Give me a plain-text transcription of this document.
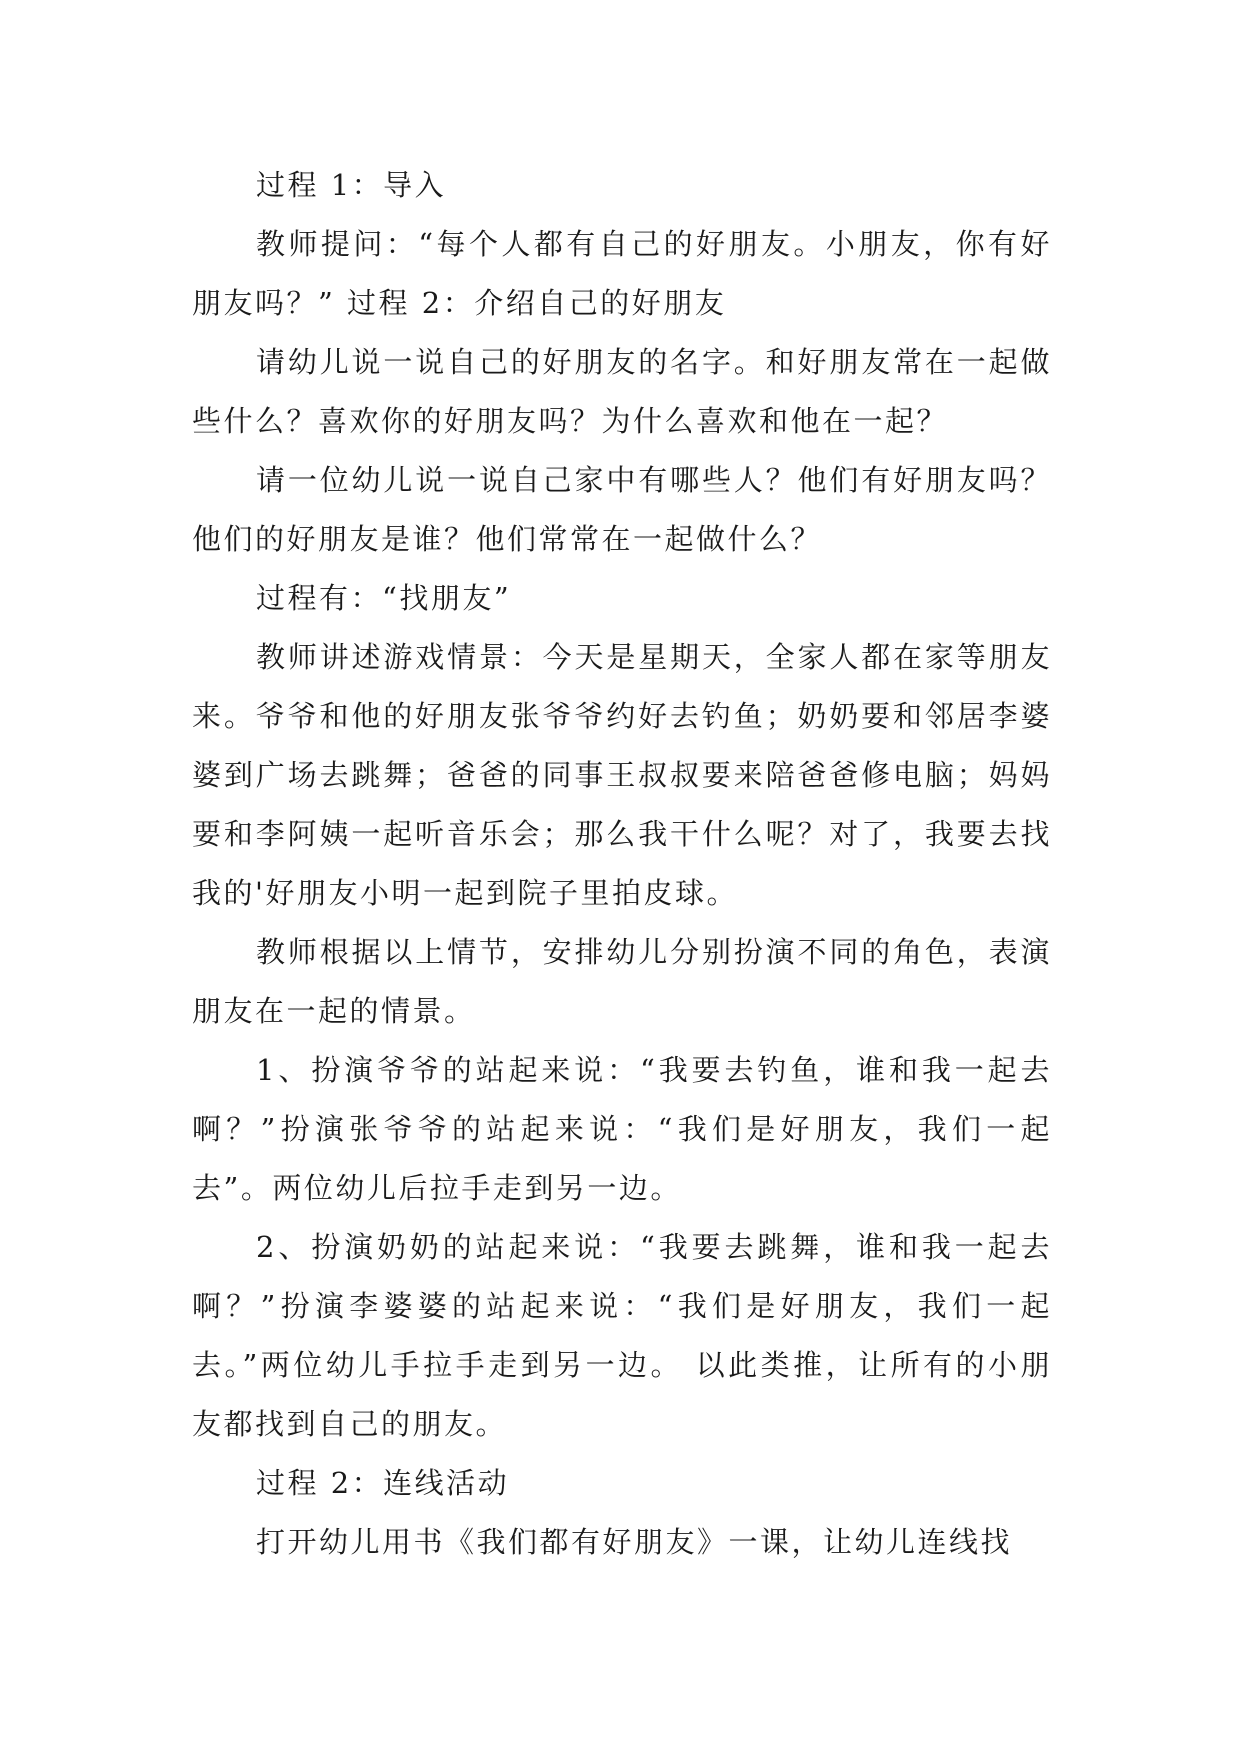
过程 1：导入

教师提问：“每个人都有自己的好朋友。小朋友，你有好朋友吗？” 过程 2：介绍自己的好朋友

请幼儿说一说自己的好朋友的名字。和好朋友常在一起做些什么？喜欢你的好朋友吗？为什么喜欢和他在一起？

请一位幼儿说一说自己家中有哪些人？他们有好朋友吗？他们的好朋友是谁？他们常常在一起做什么？

过程有：“找朋友”

教师讲述游戏情景：今天是星期天，全家人都在家等朋友来。爷爷和他的好朋友张爷爷约好去钓鱼；奶奶要和邻居李婆婆到广场去跳舞；爸爸的同事王叔叔要来陪爸爸修电脑；妈妈要和李阿姨一起听音乐会；那么我干什么呢？对了，我要去找我的'好朋友小明一起到院子里拍皮球。

教师根据以上情节，安排幼儿分别扮演不同的角色，表演朋友在一起的情景。

1、扮演爷爷的站起来说：“我要去钓鱼，谁和我一起去啊？”扮演张爷爷的站起来说：“我们是好朋友，我们一起去”。两位幼儿后拉手走到另一边。

2、扮演奶奶的站起来说：“我要去跳舞，谁和我一起去啊？”扮演李婆婆的站起来说：“我们是好朋友，我们一起去。”两位幼儿手拉手走到另一边。 以此类推，让所有的小朋友都找到自己的朋友。

过程 2：连线活动

打开幼儿用书《我们都有好朋友》一课，让幼儿连线找
